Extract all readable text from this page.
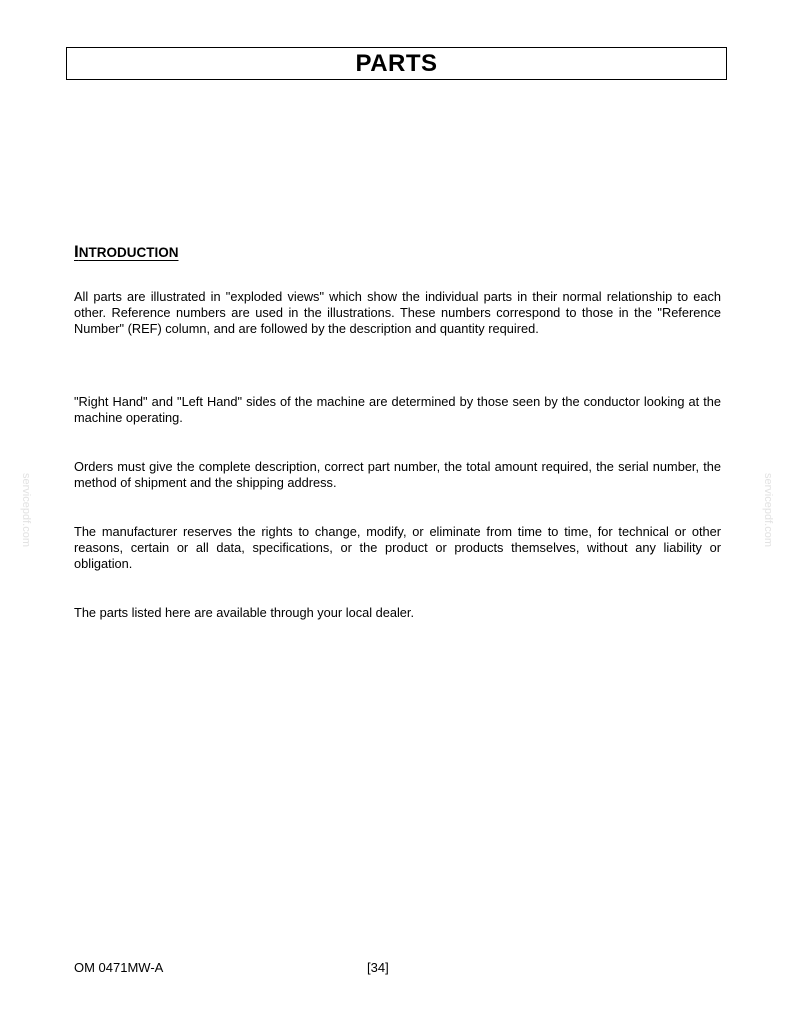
PARTS
INTRODUCTION

All parts are illustrated in "exploded views" which show the individual parts in their normal relationship to each other. Reference numbers are used in the illustrations. These numbers correspond to those in the "Reference Number" (REF) column, and are followed by the description and quantity required.

"Right Hand" and "Left Hand" sides of the machine are determined by those seen by the conductor looking at the machine operating.

Orders must give the complete description, correct part number, the total amount required, the serial number, the method of shipment and the shipping address.

The manufacturer reserves the rights to change, modify, or eliminate from time to time, for technical or other reasons, certain or all data, specifications, or the product or products themselves, without any liability or obligation.

The parts listed here are available through your local dealer.

servicepdf.com	servicepdf.com
OM 0471MW-A	[34]
